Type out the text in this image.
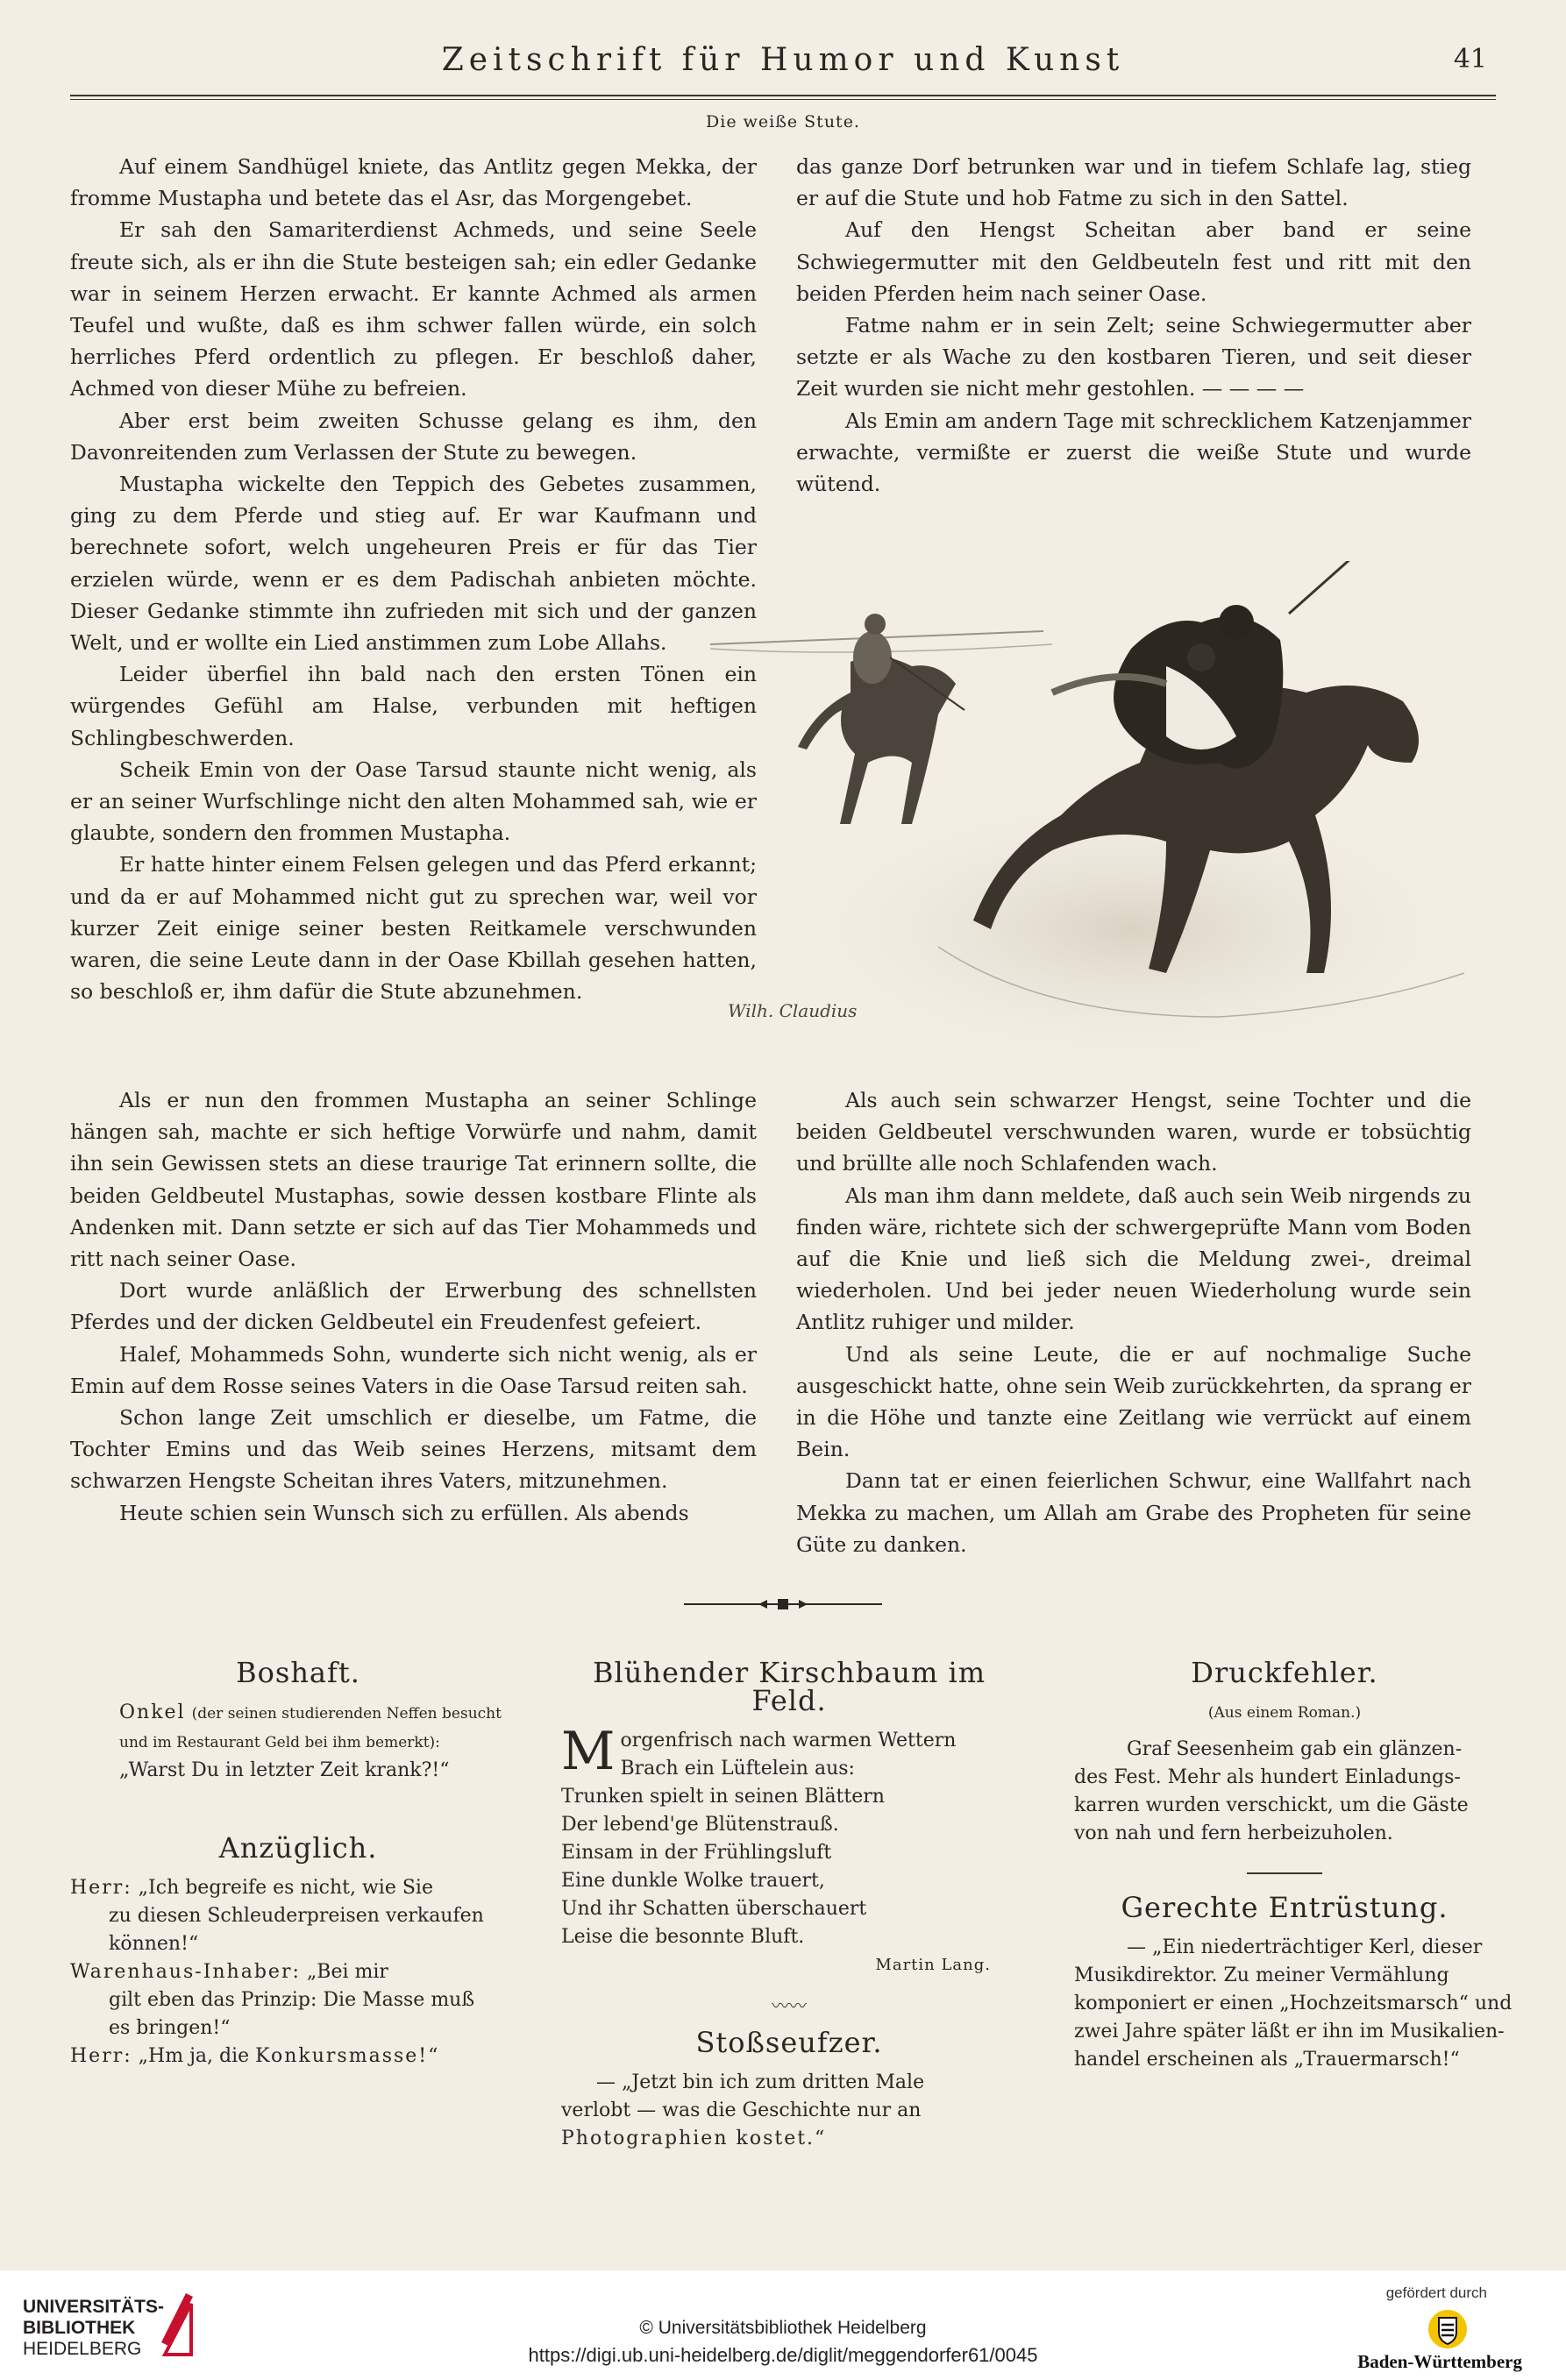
Zeitschrift für Humor und Kunst	41
Die weiße Stute.

Auf einem Sandhügel kniete, das Antlitz gegen Mekka, der fromme Mustapha und betete das el Asr, das Morgengebet.

Er sah den Samariterdienst Achmeds, und seine Seele freute sich, als er ihn die Stute besteigen sah; ein edler Gedanke war in seinem Herzen erwacht. Er kannte Achmed als armen Teufel und wußte, daß es ihm schwer fallen würde, ein solch herrliches Pferd ordentlich zu pflegen. Er beschloß daher, Achmed von dieser Mühe zu befreien.

Aber erst beim zweiten Schusse gelang es ihm, den Davonreitenden zum Verlassen der Stute zu bewegen.

Mustapha wickelte den Teppich des Gebetes zusammen, ging zu dem Pferde und stieg auf. Er war Kaufmann und berechnete sofort, welch ungeheuren Preis er für das Tier erzielen würde, wenn er es dem Padischah anbieten möchte. Dieser Gedanke stimmte ihn zufrieden mit sich und der ganzen Welt, und er wollte ein Lied anstimmen zum Lobe Allahs.

Leider überfiel ihn bald nach den ersten Tönen ein würgendes Gefühl am Halse, verbunden mit heftigen Schlingbeschwerden.

Scheik Emin von der Oase Tarsud staunte nicht wenig, als er an seiner Wurfschlinge nicht den alten Mohammed sah, wie er glaubte, sondern den frommen Mustapha.

Er hatte hinter einem Felsen gelegen und das Pferd erkannt; und da er auf Mohammed nicht gut zu sprechen war, weil vor kurzer Zeit einige seiner besten Reitkamele verschwunden waren, die seine Leute dann in der Oase Kbillah gesehen hatten, so beschloß er, ihm dafür die Stute abzunehmen.

das ganze Dorf betrunken war und in tiefem Schlafe lag, stieg er auf die Stute und hob Fatme zu sich in den Sattel.

Auf den Hengst Scheitan aber band er seine Schwiegermutter mit den Geldbeuteln fest und ritt mit den beiden Pferden heim nach seiner Oase.

Fatme nahm er in sein Zelt; seine Schwiegermutter aber setzte er als Wache zu den kostbaren Tieren, und seit dieser Zeit wurden sie nicht mehr gestohlen. — — — —

Als Emin am andern Tage mit schrecklichem Katzenjammer erwachte, vermißte er zuerst die weiße Stute und wurde wütend.

Wilh. Claudius

Als er nun den frommen Mustapha an seiner Schlinge hängen sah, machte er sich heftige Vorwürfe und nahm, damit ihn sein Gewissen stets an diese traurige Tat erinnern sollte, die beiden Geldbeutel Mustaphas, sowie dessen kostbare Flinte als Andenken mit. Dann setzte er sich auf das Tier Mohammeds und ritt nach seiner Oase.

Dort wurde anläßlich der Erwerbung des schnellsten Pferdes und der dicken Geldbeutel ein Freudenfest gefeiert.

Halef, Mohammeds Sohn, wunderte sich nicht wenig, als er Emin auf dem Rosse seines Vaters in die Oase Tarsud reiten sah.

Schon lange Zeit umschlich er dieselbe, um Fatme, die Tochter Emins und das Weib seines Herzens, mitsamt dem schwarzen Hengste Scheitan ihres Vaters, mitzunehmen.

Heute schien sein Wunsch sich zu erfüllen. Als abends

Als auch sein schwarzer Hengst, seine Tochter und die beiden Geldbeutel verschwunden waren, wurde er tobsüchtig und brüllte alle noch Schlafenden wach.

Als man ihm dann meldete, daß auch sein Weib nirgends zu finden wäre, richtete sich der schwergeprüfte Mann vom Boden auf die Knie und ließ sich die Meldung zwei-, dreimal wiederholen. Und bei jeder neuen Wiederholung wurde sein Antlitz ruhiger und milder.

Und als seine Leute, die er auf nochmalige Suche ausgeschickt hatte, ohne sein Weib zurückkehrten, da sprang er in die Höhe und tanzte eine Zeitlang wie verrückt auf einem Bein.

Dann tat er einen feierlichen Schwur, eine Wallfahrt nach Mekka zu machen, um Allah am Grabe des Propheten für seine Güte zu danken.

Boshaft.
Onkel (der seinen studierenden Neffen besucht und im Restaurant Geld bei ihm bemerkt):
„Warst Du in letzter Zeit krank?!“
Anzüglich.
Herr: „Ich begreife es nicht, wie Sie
zu diesen Schleuderpreisen verkaufen
können!“
Warenhaus-Inhaber: „Bei mir
gilt eben das Prinzip: Die Masse muß
es bringen!“
Herr: „Hm ja, die Konkursmasse!“
Blühender Kirschbaum im Feld.
M orgenfrisch nach warmen Wettern
Brach ein Lüftelein aus:
Trunken spielt in seinen Blättern
Der lebend'ge Blütenstrauß.
Einsam in der Frühlingsluft
Eine dunkle Wolke trauert,
Und ihr Schatten überschauert
Leise die besonnte Bluft.
Martin Lang.
〰〰
Stoßseufzer.
— „Jetzt bin ich zum dritten Male
verlobt — was die Geschichte nur an
Photographien kostet.“
Druckfehler.
(Aus einem Roman.)
Graf Seesenheim gab ein glänzen-
des Fest. Mehr als hundert Einladungs-
karren wurden verschickt, um die Gäste
von nah und fern herbeizuholen.
Gerechte Entrüstung.
— „Ein niederträchtiger Kerl, dieser
Musikdirektor. Zu meiner Vermählung
komponiert er einen „Hochzeitsmarsch“ und
zwei Jahre später läßt er ihn im Musikalien-
handel erscheinen als „Trauermarsch!“
UNIVERSITÄTS-
BIBLIOTHEK
HEIDELBERG
© Universitätsbibliothek Heidelberg
https://digi.ub.uni-heidelberg.de/diglit/meggendorfer61/0045
gefördert durch
Baden-Württemberg
